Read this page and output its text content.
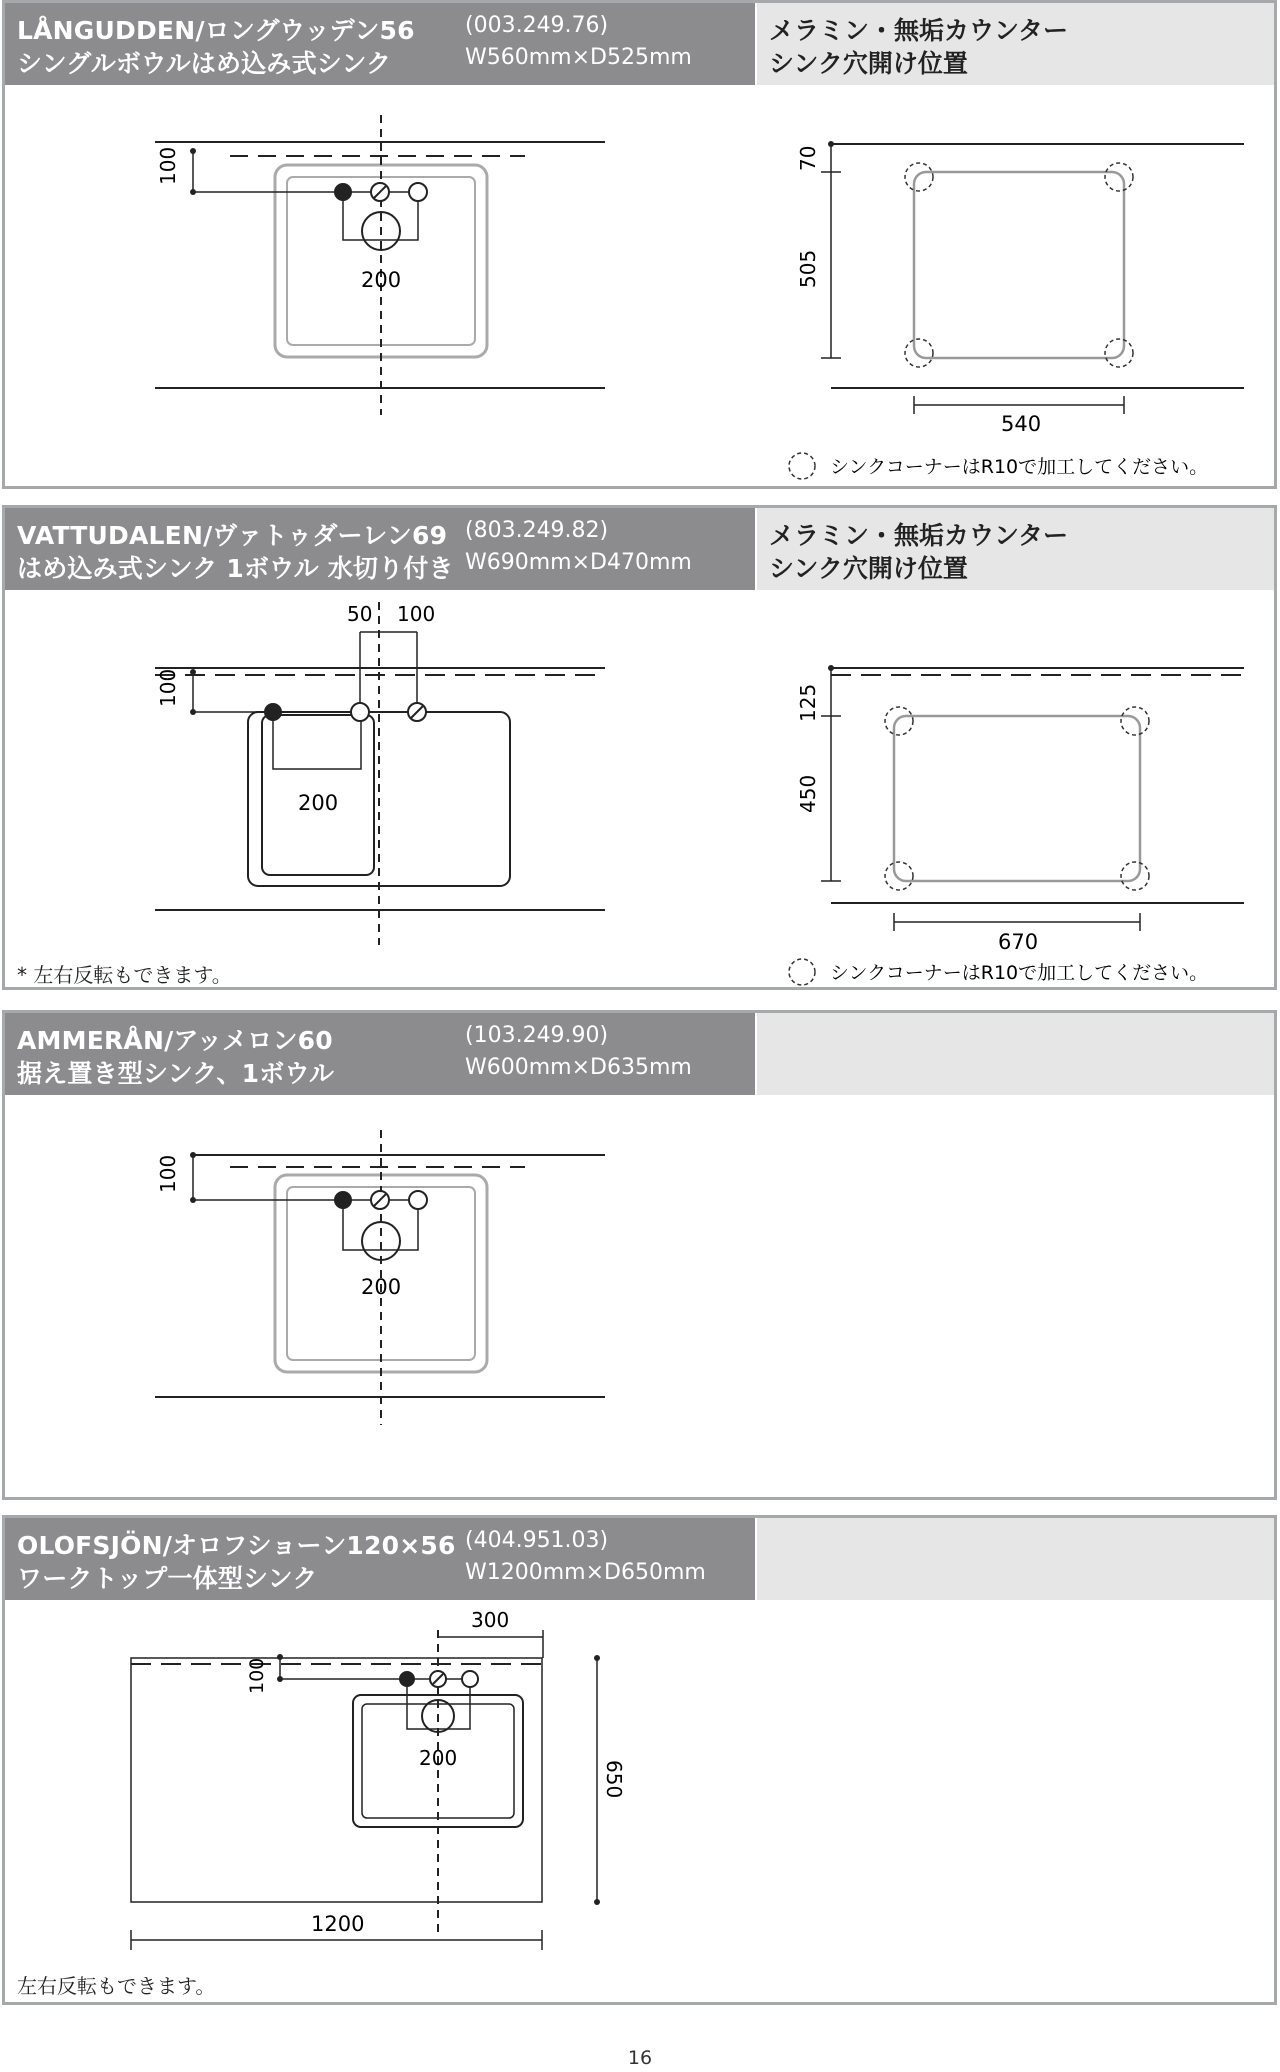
LÅNGUDDEN/ロングウッデン56
シングルボウルはめ込み式シンク
(003.249.76)
W560mm×D525mm
メラミン・無垢カウンター
シンク穴開け位置
100
200
70
505
540
シンクコーナーはR10で加工してください。
VATTUDALEN/ヴァトゥダーレン69
はめ込み式シンク 1ボウル 水切り付き
(803.249.82)
W690mm×D470mm
メラミン・無垢カウンター
シンク穴開け位置
50 100
100
200
* 左右反転もできます。
125
450
670
シンクコーナーはR10で加工してください。
AMMERÅN/アッメロン60
据え置き型シンク、1ボウル
(103.249.90)
W600mm×D635mm
100
200
OLOFSJÖN/オロフショーン120×56
ワークトップ一体型シンク
(404.951.03)
W1200mm×D650mm
300
100
200
650
1200
左右反転もできます。
16
